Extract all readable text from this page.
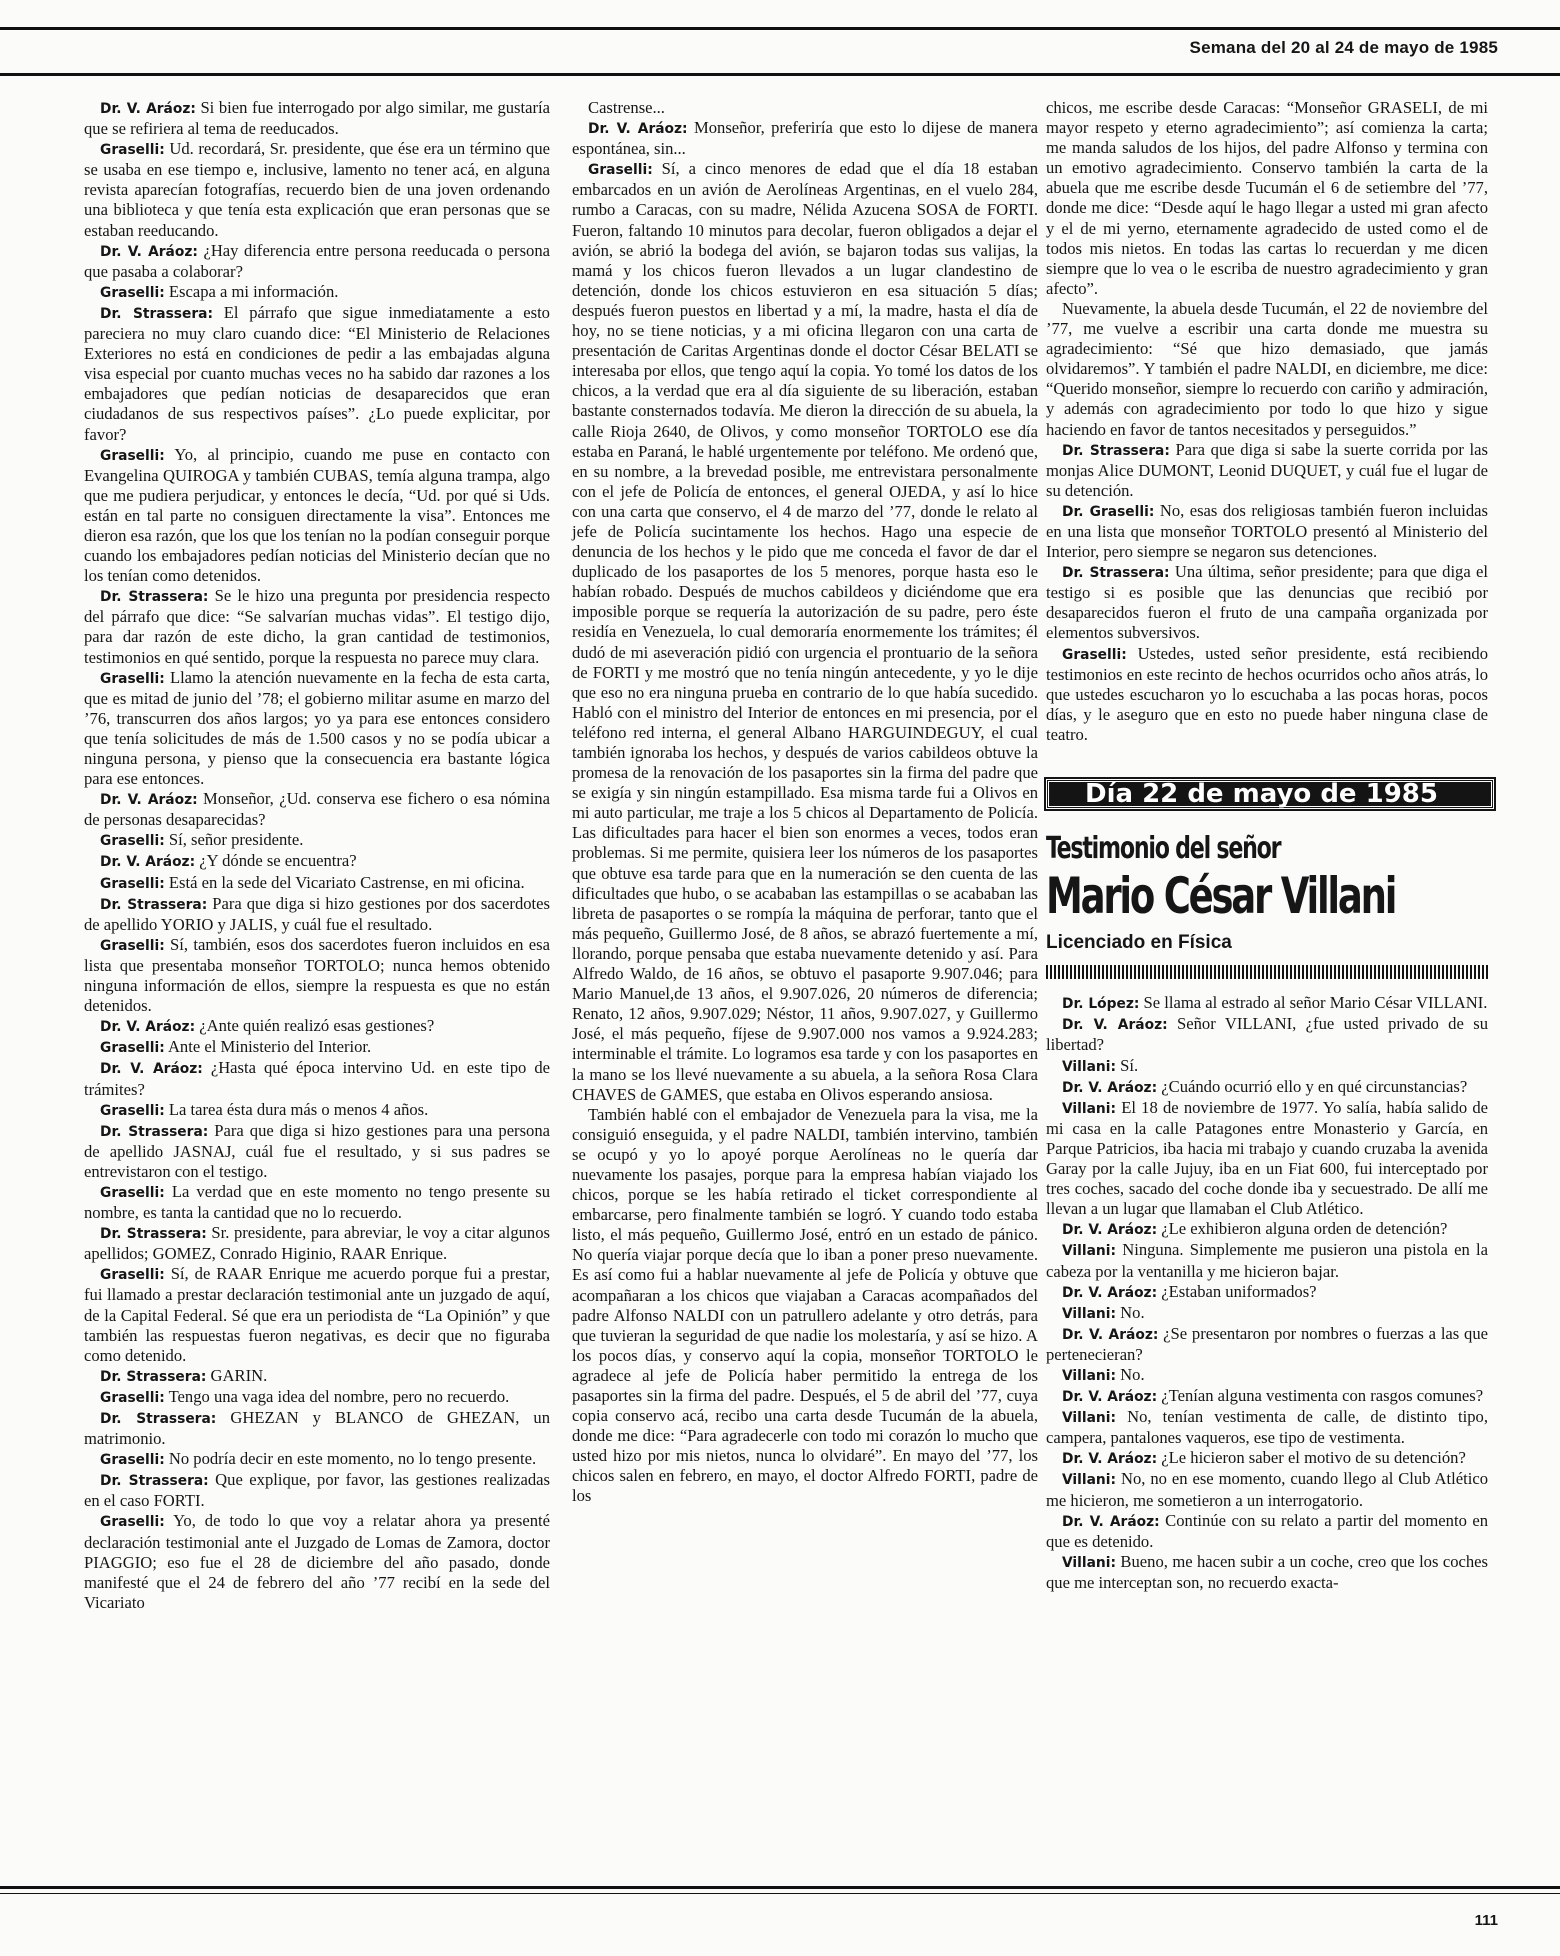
Semana del 20 al 24 de mayo de 1985

Dr. V. Aráoz: Si bien fue interrogado por algo similar, me gustaría que se refiriera al tema de reeducados.

Graselli: Ud. recordará, Sr. presidente, que ése era un término que se usaba en ese tiempo e, inclusive, lamento no tener acá, en alguna revista aparecían fotografías, recuerdo bien de una joven ordenando una biblioteca y que tenía esta explicación que eran personas que se estaban reeducando.

Dr. V. Aráoz: ¿Hay diferencia entre persona reeducada o persona que pasaba a colaborar?

Graselli: Escapa a mi información.

Dr. Strassera: El párrafo que sigue inmediatamente a esto pareciera no muy claro cuando dice: “El Ministerio de Relaciones Exteriores no está en condiciones de pedir a las embajadas alguna visa especial por cuanto muchas veces no ha sabido dar razones a los embajadores que pedían noticias de desaparecidos que eran ciudadanos de sus respectivos países”. ¿Lo puede explicitar, por favor?

Graselli: Yo, al principio, cuando me puse en contacto con Evangelina QUIROGA y también CUBAS, temía alguna trampa, algo que me pudiera perjudicar, y entonces le decía, “Ud. por qué si Uds. están en tal parte no consiguen directamente la visa”. Entonces me dieron esa razón, que los que los tenían no la podían conseguir porque cuando los embajadores pedían noticias del Ministerio decían que no los tenían como detenidos.

Dr. Strassera: Se le hizo una pregunta por presidencia respecto del párrafo que dice: “Se salvarían muchas vidas”. El testigo dijo, para dar razón de este dicho, la gran cantidad de testimonios, testimonios en qué sentido, porque la respuesta no parece muy clara.

Graselli: Llamo la atención nuevamente en la fecha de esta carta, que es mitad de junio del ’78; el gobierno militar asume en marzo del ’76, transcurren dos años largos; yo ya para ese entonces considero que tenía solicitudes de más de 1.500 casos y no se podía ubicar a ninguna persona, y pienso que la consecuencia era bastante lógica para ese entonces.

Dr. V. Aráoz: Monseñor, ¿Ud. conserva ese fichero o esa nómina de personas desaparecidas?

Graselli: Sí, señor presidente.

Dr. V. Aráoz: ¿Y dónde se encuentra?

Graselli: Está en la sede del Vicariato Castrense, en mi oficina.

Dr. Strassera: Para que diga si hizo gestiones por dos sacerdotes de apellido YORIO y JALIS, y cuál fue el resultado.

Graselli: Sí, también, esos dos sacerdotes fueron incluidos en esa lista que presentaba monseñor TORTOLO; nunca hemos obtenido ninguna información de ellos, siempre la respuesta es que no están detenidos.

Dr. V. Aráoz: ¿Ante quién realizó esas gestiones?

Graselli: Ante el Ministerio del Interior.

Dr. V. Aráoz: ¿Hasta qué época intervino Ud. en este tipo de trámites?

Graselli: La tarea ésta dura más o menos 4 años.

Dr. Strassera: Para que diga si hizo gestiones para una persona de apellido JASNAJ, cuál fue el resultado, y si sus padres se entrevistaron con el testigo.

Graselli: La verdad que en este momento no tengo presente su nombre, es tanta la cantidad que no lo recuerdo.

Dr. Strassera: Sr. presidente, para abreviar, le voy a citar algunos apellidos; GOMEZ, Conrado Higinio, RAAR Enrique.

Graselli: Sí, de RAAR Enrique me acuerdo porque fui a prestar, fui llamado a prestar declaración testimonial ante un juzgado de aquí, de la Capital Federal. Sé que era un periodista de “La Opinión” y que también las respuestas fueron negativas, es decir que no figuraba como detenido.

Dr. Strassera: GARIN.

Graselli: Tengo una vaga idea del nombre, pero no recuerdo.

Dr. Strassera: GHEZAN y BLANCO de GHEZAN, un matrimonio.

Graselli: No podría decir en este momento, no lo tengo presente.

Dr. Strassera: Que explique, por favor, las gestiones realizadas en el caso FORTI.

Graselli: Yo, de todo lo que voy a relatar ahora ya presenté declaración testimonial ante el Juzgado de Lomas de Zamora, doctor PIAGGIO; eso fue el 28 de diciembre del año pasado, donde manifesté que el 24 de febrero del año ’77 recibí en la sede del Vicariato

Castrense...

Dr. V. Aráoz: Monseñor, preferiría que esto lo dijese de manera espontánea, sin...

Graselli: Sí, a cinco menores de edad que el día 18 estaban embarcados en un avión de Aerolíneas Argentinas, en el vuelo 284, rumbo a Caracas, con su madre, Nélida Azucena SOSA de FORTI. Fueron, faltando 10 minutos para decolar, fueron obligados a dejar el avión, se abrió la bodega del avión, se bajaron todas sus valijas, la mamá y los chicos fueron llevados a un lugar clandestino de detención, donde los chicos estuvieron en esa situación 5 días; después fueron puestos en libertad y a mí, la madre, hasta el día de hoy, no se tiene noticias, y a mi oficina llegaron con una carta de presentación de Caritas Argentinas donde el doctor César BELATI se interesaba por ellos, que tengo aquí la copia. Yo tomé los datos de los chicos, a la verdad que era al día siguiente de su liberación, estaban bastante consternados todavía. Me dieron la dirección de su abuela, la calle Rioja 2640, de Olivos, y como monseñor TORTOLO ese día estaba en Paraná, le hablé urgentemente por teléfono. Me ordenó que, en su nombre, a la brevedad posible, me entrevistara personalmente con el jefe de Policía de entonces, el general OJEDA, y así lo hice con una carta que conservo, el 4 de marzo del ’77, donde le relato al jefe de Policía sucintamente los hechos. Hago una especie de denuncia de los hechos y le pido que me conceda el favor de dar el duplicado de los pasaportes de los 5 menores, porque hasta eso le habían robado. Después de muchos cabildeos y diciéndome que era imposible porque se requería la autorización de su padre, pero éste residía en Venezuela, lo cual demoraría enormemente los trámites; él dudó de mi aseveración pidió con urgencia el prontuario de la señora de FORTI y me mostró que no tenía ningún antecedente, y yo le dije que eso no era ninguna prueba en contrario de lo que había sucedido. Habló con el ministro del Interior de entonces en mi presencia, por el teléfono red interna, el general Albano HARGUINDEGUY, el cual también ignoraba los hechos, y después de varios cabildeos obtuve la promesa de la renovación de los pasaportes sin la firma del padre que se exigía y sin ningún estampillado. Esa misma tarde fui a Olivos en mi auto particular, me traje a los 5 chicos al Departamento de Policía. Las dificultades para hacer el bien son enormes a veces, todos eran problemas. Si me permite, quisiera leer los números de los pasaportes que obtuve esa tarde para que en la numeración se den cuenta de las dificultades que hubo, o se acababan las estampillas o se acababan las libreta de pasaportes o se rompía la máquina de perforar, tanto que el más pequeño, Guillermo José, de 8 años, se abrazó fuertemente a mí, llorando, porque pensaba que estaba nuevamente detenido y así. Para Alfredo Waldo, de 16 años, se obtuvo el pasaporte 9.907.046; para Mario Manuel,de 13 años, el 9.907.026, 20 números de diferencia; Renato, 12 años, 9.907.029; Néstor, 11 años, 9.907.027, y Guillermo José, el más pequeño, fíjese de 9.907.000 nos vamos a 9.924.283; interminable el trámite. Lo logramos esa tarde y con los pasaportes en la mano se los llevé nuevamente a su abuela, a la señora Rosa Clara CHAVES de GAMES, que estaba en Olivos esperando ansiosa.

También hablé con el embajador de Venezuela para la visa, me la consiguió enseguida, y el padre NALDI, también intervino, también se ocupó y yo lo apoyé porque Aerolíneas no le quería dar nuevamente los pasajes, porque para la empresa habían viajado los chicos, porque se les había retirado el ticket correspondiente al embarcarse, pero finalmente también se logró. Y cuando todo estaba listo, el más pequeño, Guillermo José, entró en un estado de pánico. No quería viajar porque decía que lo iban a poner preso nuevamente. Es así como fui a hablar nuevamente al jefe de Policía y obtuve que acompañaran a los chicos que viajaban a Caracas acompañados del padre Alfonso NALDI con un patrullero adelante y otro detrás, para que tuvieran la seguridad de que nadie los molestaría, y así se hizo. A los pocos días, y conservo aquí la copia, monseñor TORTOLO le agradece al jefe de Policía haber permitido la entrega de los pasaportes sin la firma del padre. Después, el 5 de abril del ’77, cuya copia conservo acá, recibo una carta desde Tucumán de la abuela, donde me dice: “Para agradecerle con todo mi corazón lo mucho que usted hizo por mis nietos, nunca lo olvidaré”. En mayo del ’77, los chicos salen en febrero, en mayo, el doctor Alfredo FORTI, padre de los

chicos, me escribe desde Caracas: “Monseñor GRASELI, de mi mayor respeto y eterno agradecimiento”; así comienza la carta; me manda saludos de los hijos, del padre Alfonso y termina con un emotivo agradecimiento. Conservo también la carta de la abuela que me escribe desde Tucumán el 6 de setiembre del ’77, donde me dice: “Desde aquí le hago llegar a usted mi gran afecto y el de mi yerno, eternamente agradecido de usted como el de todos mis nietos. En todas las cartas lo recuerdan y me dicen siempre que lo vea o le escriba de nuestro agradecimiento y gran afecto”.

Nuevamente, la abuela desde Tucumán, el 22 de noviembre del ’77, me vuelve a escribir una carta donde me muestra su agradecimiento: “Sé que hizo demasiado, que jamás olvidaremos”. Y también el padre NALDI, en diciembre, me dice: “Querido monseñor, siempre lo recuerdo con cariño y admiración, y además con agradecimiento por todo lo que hizo y sigue haciendo en favor de tantos necesitados y perseguidos.”

Dr. Strassera: Para que diga si sabe la suerte corrida por las monjas Alice DUMONT, Leonid DUQUET, y cuál fue el lugar de su detención.

Dr. Graselli: No, esas dos religiosas también fueron incluidas en una lista que monseñor TORTOLO presentó al Ministerio del Interior, pero siempre se negaron sus detenciones.

Dr. Strassera: Una última, señor presidente; para que diga el testigo si es posible que las denuncias que recibió por desaparecidos fueron el fruto de una campaña organizada por elementos subversivos.

Graselli: Ustedes, usted señor presidente, está recibiendo testimonios en este recinto de hechos ocurridos ocho años atrás, lo que ustedes escucharon yo lo escuchaba a las pocas horas, pocos días, y le aseguro que en esto no puede haber ninguna clase de teatro.

Día 22 de mayo de 1985
Testimonio del señor
Mario César Villani
Licenciado en Física

Dr. López: Se llama al estrado al señor Mario César VILLANI.

Dr. V. Aráoz: Señor VILLANI, ¿fue usted privado de su libertad?

Villani: Sí.

Dr. V. Aráoz: ¿Cuándo ocurrió ello y en qué circunstancias?

Villani: El 18 de noviembre de 1977. Yo salía, había salido de mi casa en la calle Patagones entre Monasterio y García, en Parque Patricios, iba hacia mi trabajo y cuando cruzaba la avenida Garay por la calle Jujuy, iba en un Fiat 600, fui interceptado por tres coches, sacado del coche donde iba y secuestrado. De allí me llevan a un lugar que llamaban el Club Atlético.

Dr. V. Aráoz: ¿Le exhibieron alguna orden de detención?

Villani: Ninguna. Simplemente me pusieron una pistola en la cabeza por la ventanilla y me hicieron bajar.

Dr. V. Aráoz: ¿Estaban uniformados?

Villani: No.

Dr. V. Aráoz: ¿Se presentaron por nombres o fuerzas a las que pertenecieran?

Villani: No.

Dr. V. Aráoz: ¿Tenían alguna vestimenta con rasgos comunes?

Villani: No, tenían vestimenta de calle, de distinto tipo, campera, pantalones vaqueros, ese tipo de vestimenta.

Dr. V. Aráoz: ¿Le hicieron saber el motivo de su detención?

Villani: No, no en ese momento, cuando llego al Club Atlético me hicieron, me sometieron a un interrogatorio.

Dr. V. Aráoz: Continúe con su relato a partir del momento en que es detenido.

Villani: Bueno, me hacen subir a un coche, creo que los coches que me interceptan son, no recuerdo exacta-

111
